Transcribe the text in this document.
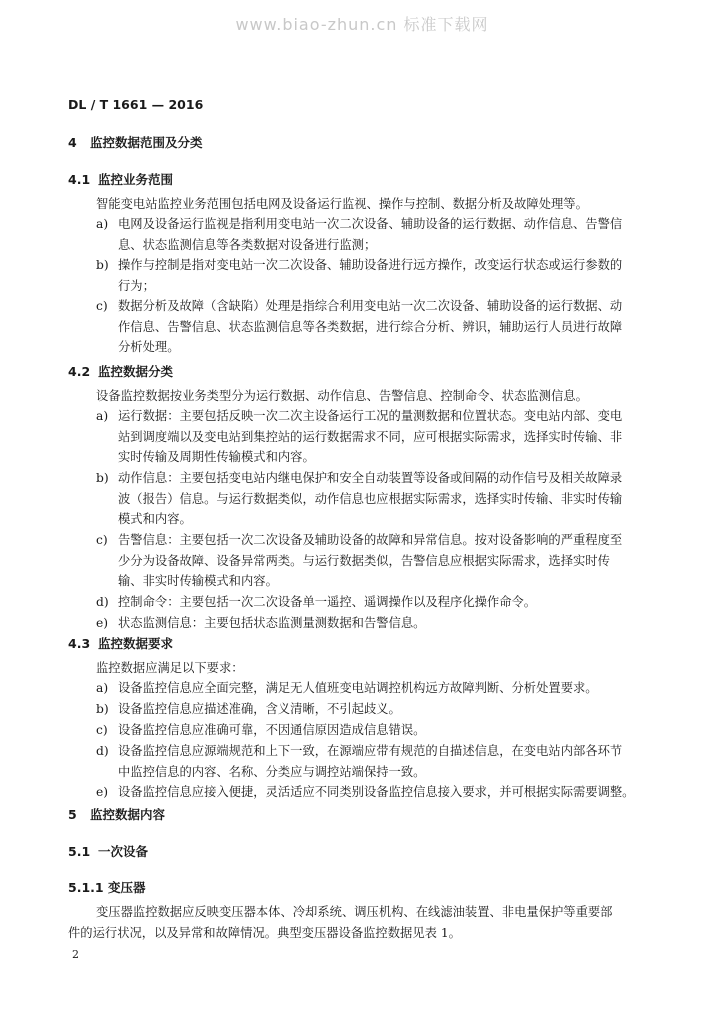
www.biao-zhun.cn 标准下载网
DL / T 1661 — 2016
4 监控数据范围及分类
4.1 监控业务范围
智能变电站监控业务范围包括电网及设备运行监视、操作与控制、数据分析及故障处理等。
a) 电网及设备运行监视是指利用变电站一次二次设备、辅助设备的运行数据、动作信息、告警信
息、状态监测信息等各类数据对设备进行监测；
b) 操作与控制是指对变电站一次二次设备、辅助设备进行远方操作，改变运行状态或运行参数的
行为；
c) 数据分析及故障（含缺陷）处理是指综合利用变电站一次二次设备、辅助设备的运行数据、动
作信息、告警信息、状态监测信息等各类数据，进行综合分析、辨识，辅助运行人员进行故障
分析处理。
4.2 监控数据分类
设备监控数据按业务类型分为运行数据、动作信息、告警信息、控制命令、状态监测信息。
a) 运行数据：主要包括反映一次二次主设备运行工况的量测数据和位置状态。变电站内部、变电
站到调度端以及变电站到集控站的运行数据需求不同，应可根据实际需求，选择实时传输、非
实时传输及周期性传输模式和内容。
b) 动作信息：主要包括变电站内继电保护和安全自动装置等设备或间隔的动作信号及相关故障录
波（报告）信息。与运行数据类似，动作信息也应根据实际需求，选择实时传输、非实时传输
模式和内容。
c) 告警信息：主要包括一次二次设备及辅助设备的故障和异常信息。按对设备影响的严重程度至
少分为设备故障、设备异常两类。与运行数据类似，告警信息应根据实际需求，选择实时传
输、非实时传输模式和内容。
d) 控制命令：主要包括一次二次设备单一遥控、遥调操作以及程序化操作命令。
e) 状态监测信息：主要包括状态监测量测数据和告警信息。
4.3 监控数据要求
监控数据应满足以下要求：
a) 设备监控信息应全面完整，满足无人值班变电站调控机构远方故障判断、分析处置要求。
b) 设备监控信息应描述准确，含义清晰，不引起歧义。
c) 设备监控信息应准确可靠，不因通信原因造成信息错误。
d) 设备监控信息应源端规范和上下一致，在源端应带有规范的自描述信息，在变电站内部各环节
中监控信息的内容、名称、分类应与调控站端保持一致。
e) 设备监控信息应接入便捷，灵活适应不同类别设备监控信息接入要求，并可根据实际需要调整。
5 监控数据内容
5.1 一次设备
5.1.1 变压器
变压器监控数据应反映变压器本体、冷却系统、调压机构、在线滤油装置、非电量保护等重要部
件的运行状况，以及异常和故障情况。典型变压器设备监控数据见表 1。
2
